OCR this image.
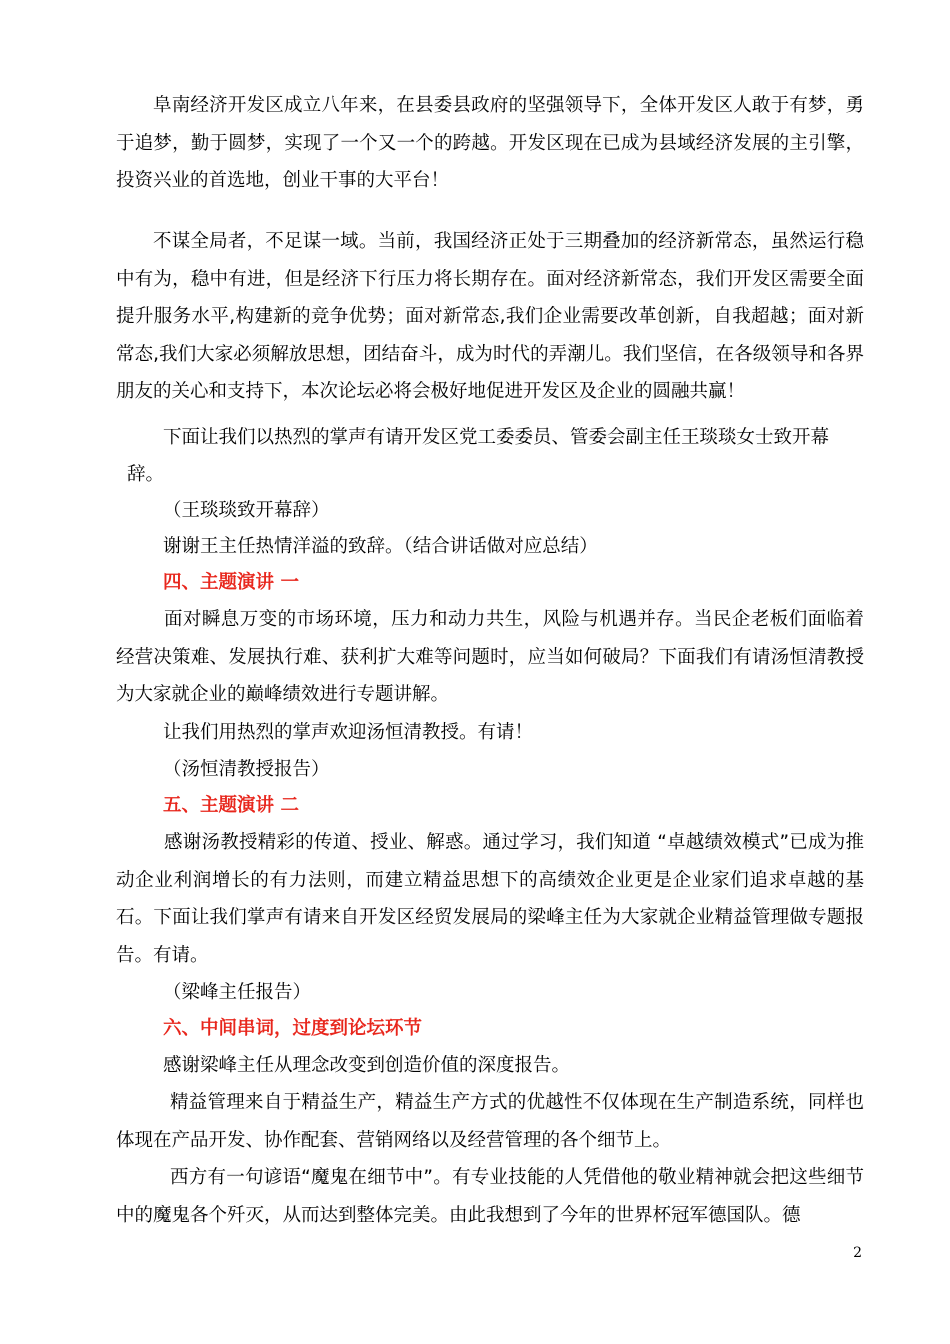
阜南经济开发区成立八年来，在县委县政府的坚强领导下，全体开发区人敢于有梦，勇于追梦，勤于圆梦，实现了一个又一个的跨越。开发区现在已成为县域经济发展的主引擎，投资兴业的首选地，创业干事的大平台！

不谋全局者，不足谋一域。当前，我国经济正处于三期叠加的经济新常态，虽然运行稳中有为，稳中有进，但是经济下行压力将长期存在。面对经济新常态，我们开发区需要全面提升服务水平,构建新的竞争优势；面对新常态,我们企业需要改革创新，自我超越；面对新常态,我们大家必须解放思想，团结奋斗，成为时代的弄潮儿。我们坚信，在各级领导和各界朋友的关心和支持下，本次论坛必将会极好地促进开发区及企业的圆融共赢！

下面让我们以热烈的掌声有请开发区党工委委员、管委会副主任王琰琰女士致开幕

辞。

（王琰琰致开幕辞）

谢谢王主任热情洋溢的致辞。（结合讲话做对应总结）

四、主题演讲 一

面对瞬息万变的市场环境，压力和动力共生，风险与机遇并存。当民企老板们面临着经营决策难、发展执行难、获利扩大难等问题时，应当如何破局？下面我们有请汤恒清教授为大家就企业的巅峰绩效进行专题讲解。

让我们用热烈的掌声欢迎汤恒清教授。有请！

（汤恒清教授报告）

五、主题演讲 二

感谢汤教授精彩的传道、授业、解惑。通过学习，我们知道 “卓越绩效模式”已成为推动企业利润增长的有力法则，而建立精益思想下的高绩效企业更是企业家们追求卓越的基石。下面让我们掌声有请来自开发区经贸发展局的梁峰主任为大家就企业精益管理做专题报告。有请。

（梁峰主任报告）

六、中间串词，过度到论坛环节

感谢梁峰主任从理念改变到创造价值的深度报告。

精益管理来自于精益生产，精益生产方式的优越性不仅体现在生产制造系统，同样也体现在产品开发、协作配套、营销网络以及经营管理的各个细节上。

西方有一句谚语“魔鬼在细节中”。有专业技能的人凭借他的敬业精神就会把这些细节中的魔鬼各个歼灭，从而达到整体完美。由此我想到了今年的世界杯冠军德国队。德

2
